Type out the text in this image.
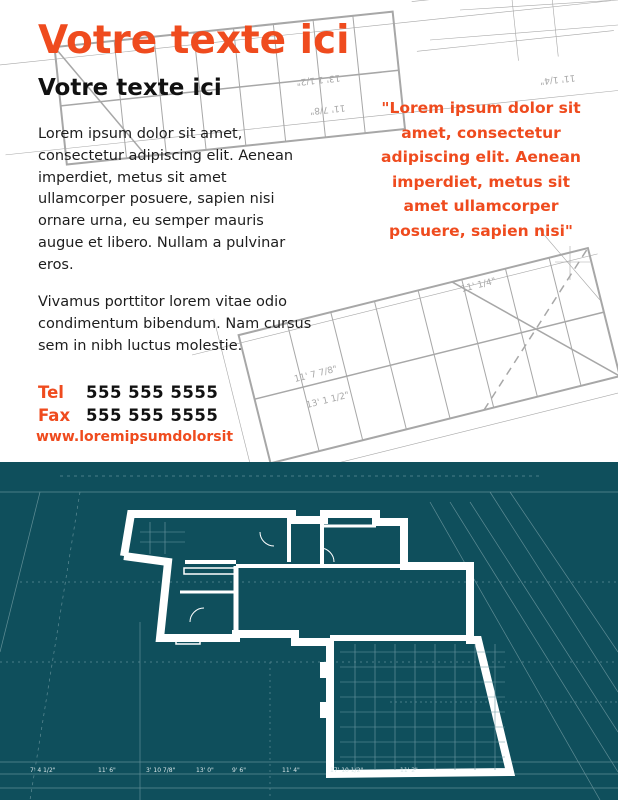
13' 1 1/2"
11' 7/8"
13' 1 1/2"
11' 7 7/8"
11' 1/4"
11' 1/4"
7' 4 1/2"	11' 6"	3' 10 7/8"	13' 0"	9' 6"	11' 4"	17' 10 1/2"	11' 2"
Votre texte ici
Votre texte ici

Lorem ipsum dolor sit amet, consectetur adipiscing elit. Aenean imperdiet, metus sit amet ullamcorper posuere, sapien nisi ornare urna, eu semper mauris augue et libero. Nullam a pulvinar eros.

Vivamus porttitor lorem vitae odio condimentum bibendum. Nam cursus sem in nibh luctus molestie.

"Lorem ipsum dolor sit amet, consectetur adipiscing elit. Aenean imperdiet, metus sit amet ullamcorper posuere, sapien nisi"

Tel	555 555 5555
Fax 555 555 5555
www.loremipsumdolorsit
